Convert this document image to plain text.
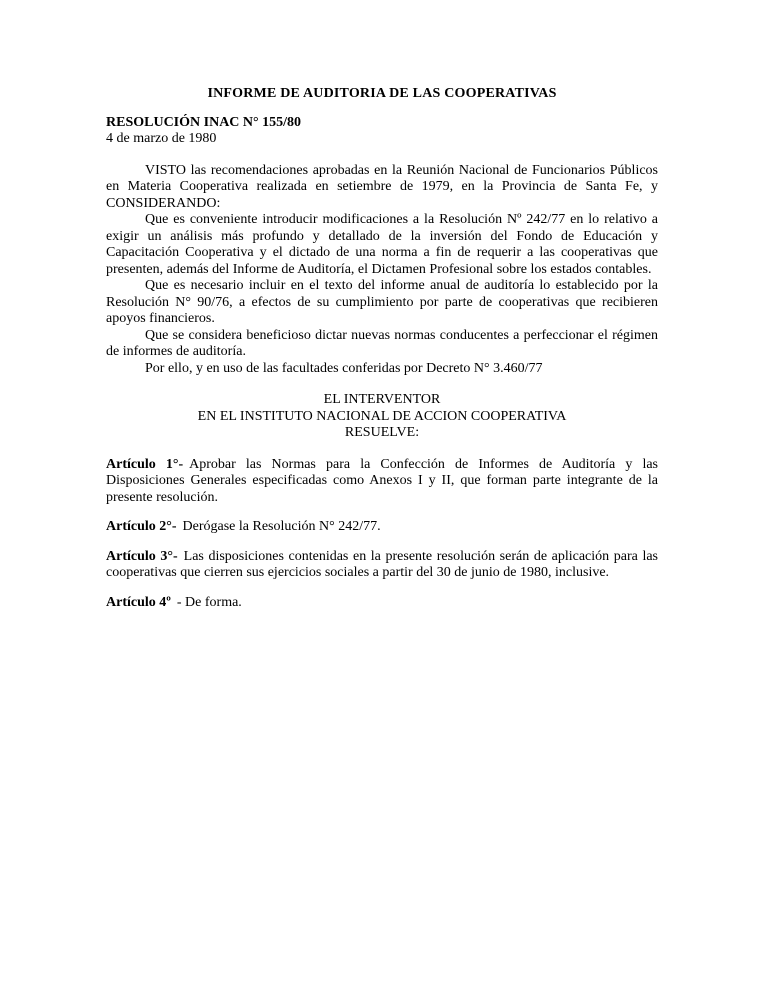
INFORME DE AUDITORIA DE LAS COOPERATIVAS
RESOLUCIÓN INAC N° 155/80
4 de marzo de 1980

VISTO las recomendaciones aprobadas en la Reunión Nacional de Funcionarios Públicos en Materia Cooperativa realizada en setiembre de 1979, en la Provincia de Santa Fe, y CONSIDERANDO:

Que es conveniente introducir modificaciones a la Resolución Nº 242/77 en lo relativo a exigir un análisis más profundo y detallado de la inversión del Fondo de Educación y Capacitación Cooperativa y el dictado de una norma a fin de requerir a las cooperativas que presenten, además del Informe de Auditoría, el Dictamen Profesional sobre los estados contables.

Que es necesario incluir en el texto del informe anual de auditoría lo establecido por la Resolución N° 90/76, a efectos de su cumplimiento por parte de cooperativas que recibieren apoyos financieros.

Que se considera beneficioso dictar nuevas normas conducentes a perfeccionar el régimen de informes de auditoría.

Por ello, y en uso de las facultades conferidas por Decreto N° 3.460/77

EL INTERVENTOR
EN EL INSTITUTO NACIONAL DE ACCION COOPERATIVA
RESUELVE:

Artículo 1°- Aprobar las Normas para la Confección de Informes de Auditoría y las Disposiciones Generales especificadas como Anexos I y II, que forman parte integrante de la presente resolución.

Artículo 2°- Derógase la Resolución N° 242/77.

Artículo 3°- Las disposiciones contenidas en la presente resolución serán de aplicación para las cooperativas que cierren sus ejercicios sociales a partir del 30 de junio de 1980, inclusive.

Artículo 4º - De forma.
